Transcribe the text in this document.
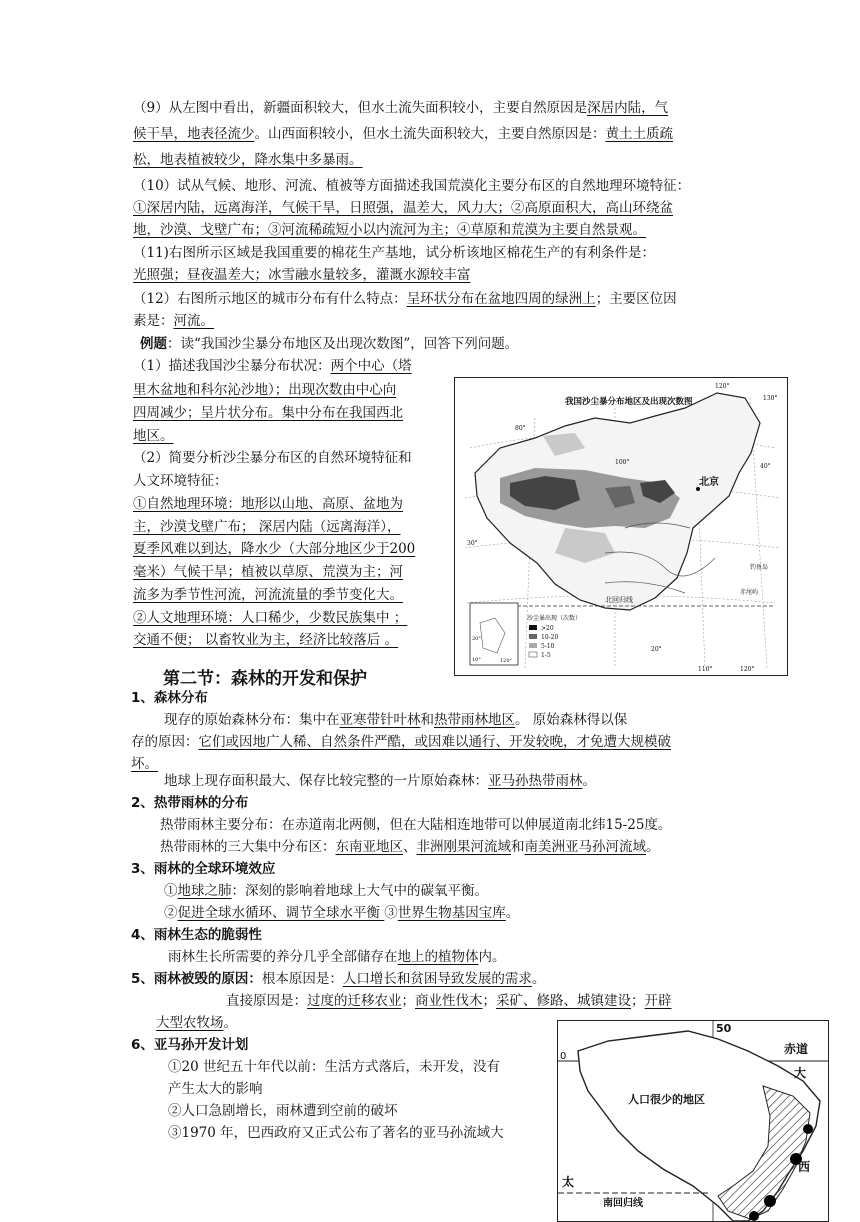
（9）从左图中看出，新疆面积较大，但水土流失面积较小，主要自然原因是深居内陆，气
候干旱，地表径流少。山西面积较小，但水土流失面积较大，主要自然原因是：黄土土质疏
松，地表植被较少，降水集中多暴雨。
（10）试从气候、地形、河流、植被等方面描述我国荒漠化主要分布区的自然地理环境特征：
①深居内陆，远离海洋，气候干旱，日照强，温差大，风力大；②高原面积大，高山环绕盆
地，沙漠、戈壁广布；③河流稀疏短小以内流河为主；④草原和荒漠为主要自然景观。
（11)右图所示区域是我国重要的棉花生产基地，试分析该地区棉花生产的有利条件是：
光照强；昼夜温差大；冰雪融水量较多，灌溉水源较丰富
（12）右图所示地区的城市分布有什么特点：呈环状分布在盆地四周的绿洲上；主要区位因
素是：河流。
例题：读“我国沙尘暴分布地区及出现次数图”，回答下列问题。
（1）描述我国沙尘暴分布状况：两个中心（塔
里木盆地和科尔沁沙地）；出现次数由中心向
四周减少；呈片状分布。集中分布在我国西北
地区。
（2）简要分析沙尘暴分布区的自然环境特征和
人文环境特征：
①自然地理环境：地形以山地、高原、盆地为
主，沙漠戈壁广布； 深居内陆（远离海洋），
夏季风难以到达，降水少（大部分地区少于200
毫米）气候干旱；植被以草原、荒漠为主；河
流多为季节性河流，河流流量的季节变化大。
②人文地理环境：人口稀少，少数民族集中 ；
交通不便； 以畜牧业为主，经济比较落后 。
1、森林分布
现存的原始森林分布：集中在亚寒带针叶林和热带雨林地区。 原始森林得以保
存的原因：它们或因地广人稀、自然条件严酷，或因难以通行、开发较晚，才免遭大规模破
坏。
地球上现存面积最大、保存比较完整的一片原始森林：亚马孙热带雨林。
2、热带雨林的分布
热带雨林主要分布：在赤道南北两侧，但在大陆相连地带可以伸展道南北纬15-25度。
热带雨林的三大集中分布区：东南亚地区、非洲刚果河流域和南美洲亚马孙河流域。
3、雨林的全球环境效应
①地球之肺：深刻的影响着地球上大气中的碳氧平衡。
②促进全球水循环、调节全球水平衡 ③世界生物基因宝库。
4、雨林生态的脆弱性
雨林生长所需要的养分几乎全部储存在地上的植物体内。
5、雨林被毁的原因：根本原因是：人口增长和贫困导致发展的需求。
直接原因是：过度的迁移农业；商业性伐木；采矿、修路、城镇建设；开辟
大型农牧场。
6、亚马孙开发计划
①20 世纪五十年代以前：生活方式落后，未开发，没有
产生太大的影响
②人口急剧增长，雨林遭到空前的破坏
③1970 年，巴西政府又正式公布了著名的亚马孙流域大
第二节：森林的开发和保护
我国沙尘暴分布地区及出现次数图
北京
北回归线
120°
130°
80°
100°
40°
30°
20°
110°	120°
钓鱼岛
赤尾屿
20°
10°	120°
沙尘暴出现（次数）
>20
10-20
5-10
1-5
50
0
赤道
大
西
太
人口很少的地区
南回归线
